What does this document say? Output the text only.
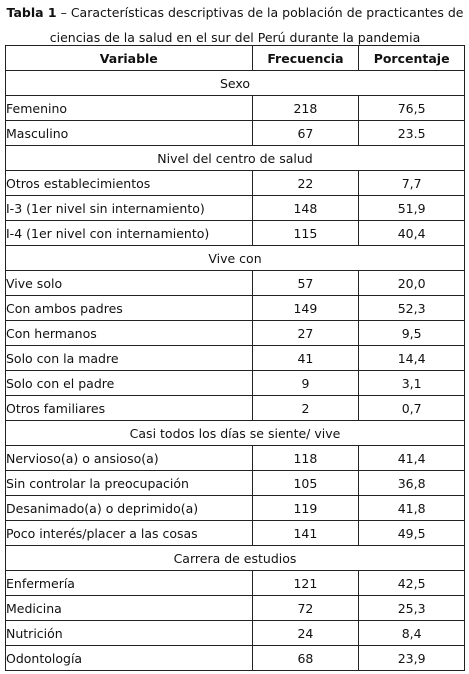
Tabla 1 – Características descriptivas de la población de practicantes de ciencias de la salud en el sur del Perú durante la pandemia
Variable	Frecuencia	Porcentaje
Sexo		
Femenino	218	76,5
Masculino	67	23.5
Nivel del centro de salud		
Otros establecimientos	22	7,7
I-3 (1er nivel sin internamiento)	148	51,9
I-4 (1er nivel con internamiento)	115	40,4
Vive con		
Vive solo	57	20,0
Con ambos padres	149	52,3
Con hermanos	27	9,5
Solo con la madre	41	14,4
Solo con el padre	9	3,1
Otros familiares	2	0,7
Casi todos los días se siente/ vive		
Nervioso(a) o ansioso(a)	118	41,4
Sin controlar la preocupación	105	36,8
Desanimado(a) o deprimido(a)	119	41,8
Poco interés/placer a las cosas	141	49,5
Carrera de estudios		
Enfermería	121	42,5
Medicina	72	25,3
Nutrición	24	8,4
Odontología	68	23,9
